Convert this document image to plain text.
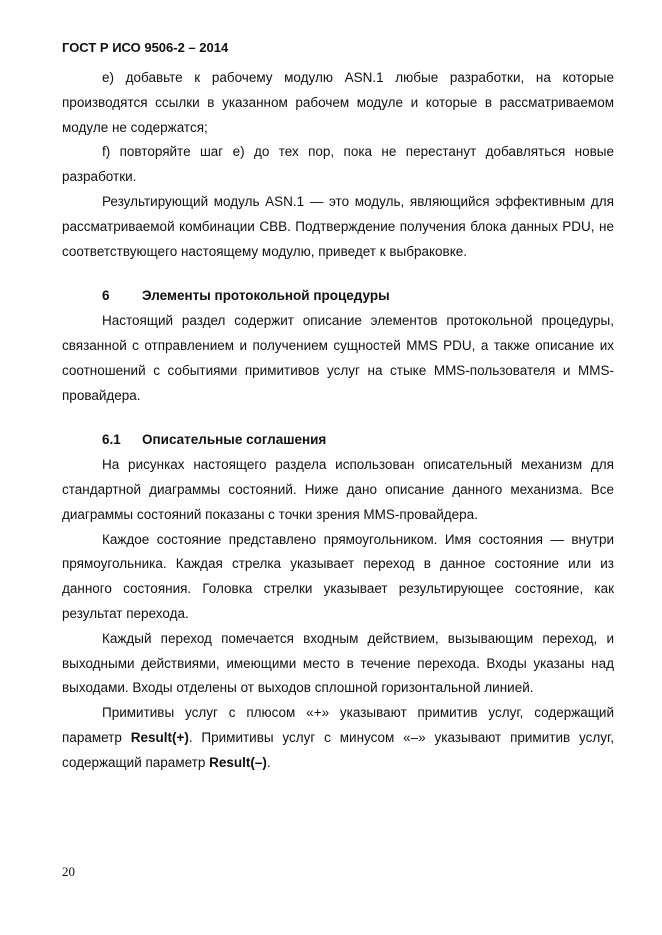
ГОСТ Р ИСО 9506-2 – 2014

е) добавьте к рабочему модулю ASN.1 любые разработки, на которые производятся ссылки в указанном рабочем модуле и которые в рассматриваемом модуле не содержатся;

f) повторяйте шаг е) до тех пор, пока не перестанут добавляться новые разработки.

Результирующий модуль ASN.1 — это модуль, являющийся эффективным для рассматриваемой комбинации СВВ. Подтверждение получения блока данных PDU, не соответствующего настоящему модулю, приведет к выбраковке.

6 Элементы протокольной процедуры

Настоящий раздел содержит описание элементов протокольной процедуры, связанной с отправлением и получением сущностей MMS PDU, а также описание их соотношений с событиями примитивов услуг на стыке MMS-пользователя и MMS-провайдера.

6.1 Описательные соглашения

На рисунках настоящего раздела использован описательный механизм для стандартной диаграммы состояний. Ниже дано описание данного механизма. Все диаграммы состояний показаны с точки зрения MMS-провайдера.

Каждое состояние представлено прямоугольником. Имя состояния — внутри прямоугольника. Каждая стрелка указывает переход в данное состояние или из данного состояния. Головка стрелки указывает результирующее состояние, как результат перехода.

Каждый переход помечается входным действием, вызывающим переход, и выходными действиями, имеющими место в течение перехода. Входы указаны над выходами. Входы отделены от выходов сплошной горизонтальной линией.

Примитивы услуг с плюсом «+» указывают примитив услуг, содержащий параметр Result(+). Примитивы услуг с минусом «–» указывают примитив услуг, содержащий параметр Result(–).

20
